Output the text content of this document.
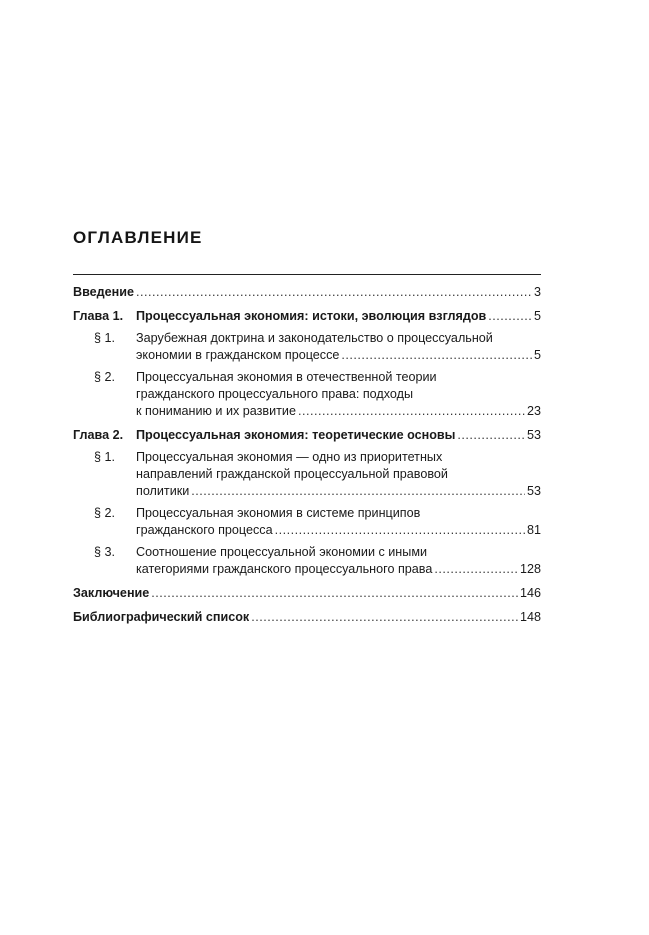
ОГЛАВЛЕНИЕ
Введение .....	3
Глава 1.	Процессуальная экономия: истоки, эволюция взглядов .....	5
§ 1.	Зарубежная доктрина и законодательство о процессуальной
экономии в гражданском процессе .....	5
§ 2.	Процессуальная экономия в отечественной теории
гражданского процессуального права: подходы
к пониманию и их развитие .....	23
Глава 2.	Процессуальная экономия: теоретические основы .....	53
§ 1.	Процессуальная экономия — одно из приоритетных
направлений гражданской процессуальной правовой
политики .....	53
§ 2.	Процессуальная экономия в системе принципов
гражданского процесса .....	81
§ 3.	Соотношение процессуальной экономии с иными
категориями гражданского процессуального права .....	128
Заключение .....	146
Библиографический список .....	148
